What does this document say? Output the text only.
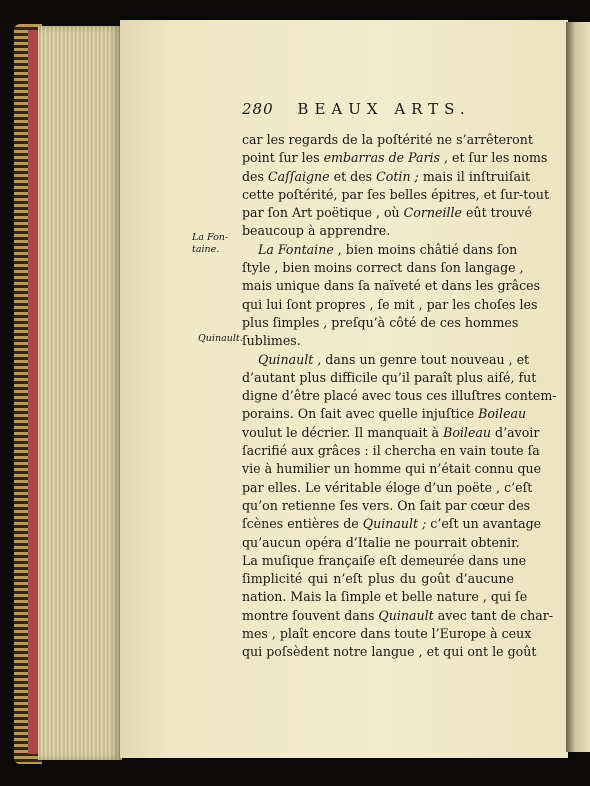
280 BEAUX ARTS.
La Fon-
taine.
Quinault.
car les regards de la poſtérité ne s’arrêteront
point ſur les embarras de Paris , et ſur les noms
des Caſſaigne et des Cotin ; mais il inſtruiſait
cette poſtérité, par ſes belles épitres, et ſur-tout
par ſon Art poëtique , où Corneille eût trouvé
beaucoup à apprendre.
La Fontaine , bien moins châtié dans ſon
ſtyle , bien moins correct dans ſon langage ,
mais unique dans ſa naïveté et dans les grâces
qui lui ſont propres , ſe mit , par les choſes les
plus ſimples , preſqu’à côté de ces hommes
ſublimes.
Quinault , dans un genre tout nouveau , et
d’autant plus difficile qu’il paraît plus aiſé, fut
digne d’être placé avec tous ces illuſtres contem-
porains. On ſait avec quelle injuſtice Boileau
voulut le décrier. Il manquait à Boileau d’avoir
ſacrifié aux grâces : il chercha en vain toute ſa
vie à humilier un homme qui n’était connu que
par elles. Le véritable éloge d’un poëte , c’eſt
qu’on retienne ſes vers. On ſait par cœur des
ſcènes entières de Quinault ; c’eſt un avantage
qu’aucun opéra d’Italie ne pourrait obtenir.
La muſique françaiſe eſt demeurée dans une
ſimplicité qui n’eſt plus du goût d’aucune
nation. Mais la ſimple et belle nature , qui ſe
montre ſouvent dans Quinault avec tant de char-
mes , plaît encore dans toute l’Europe à ceux
qui poſsèdent notre langue , et qui ont le goût
